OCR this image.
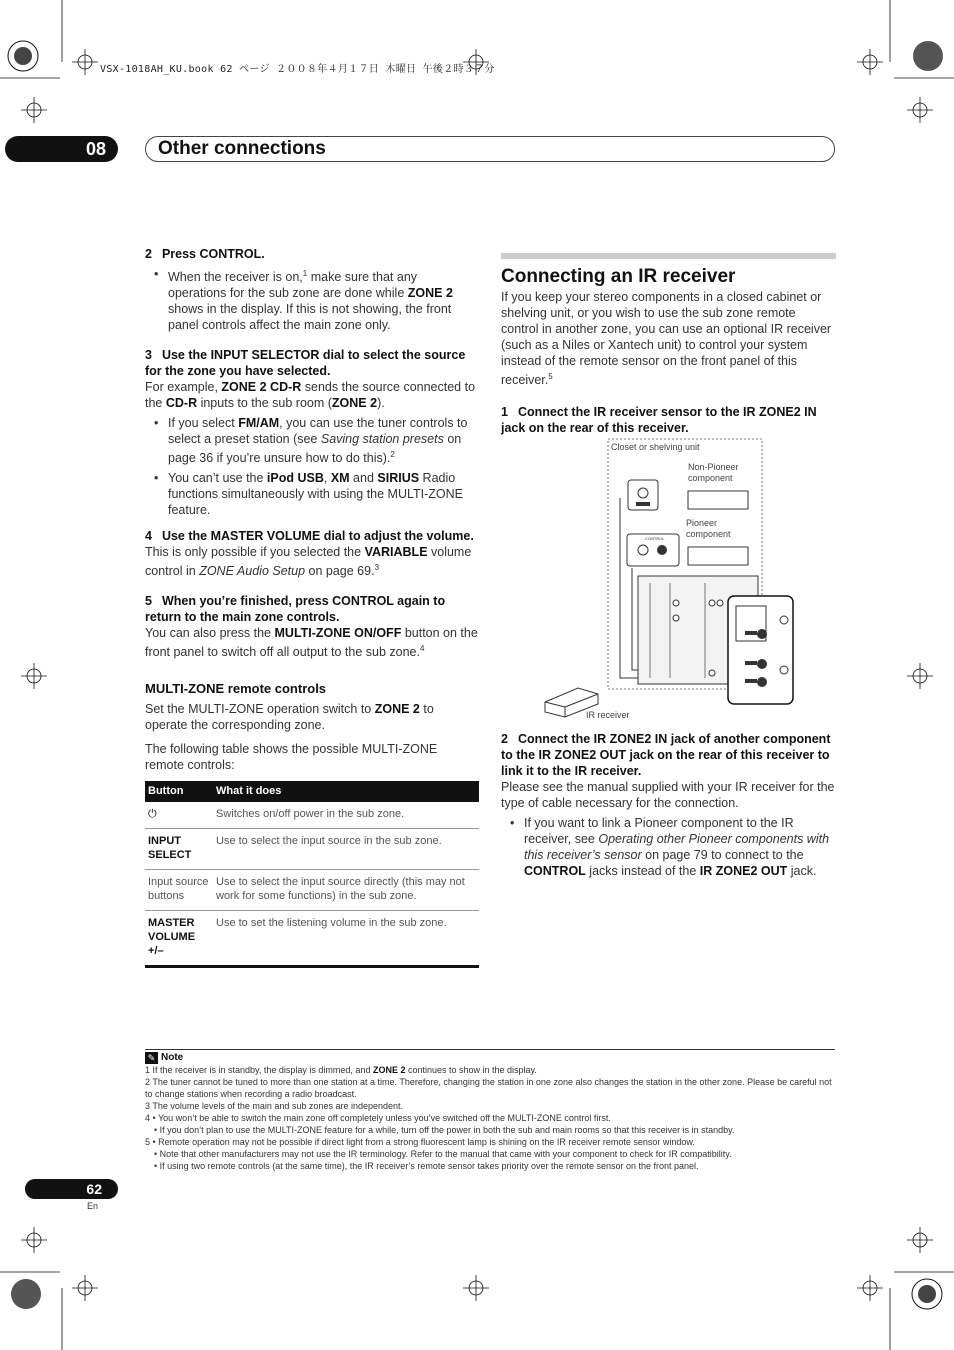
VSX-1018AH_KU.book 62 ページ ２００８年４月１７日 木曜日 午後２時３７分
08	Other connections

2 Press CONTROL.

• When the receiver is on,$^1$ make sure that any operations for the sub zone are done while ZONE 2 shows in the display. If this is not showing, the front panel controls affect the main zone only.

3 Use the INPUT SELECTOR dial to select the source for the zone you have selected.

For example, ZONE 2 CD-R sends the source connected to the CD-R inputs to the sub room (ZONE 2).

• If you select FM/AM, you can use the tuner controls to select a preset station (see Saving station presets on page 36 if you’re unsure how to do this).$^2$
• You can’t use the iPod USB, XM and SIRIUS Radio functions simultaneously with using the MULTI-ZONE feature.

4 Use the MASTER VOLUME dial to adjust the volume.

This is only possible if you selected the VARIABLE volume control in ZONE Audio Setup on page 69.$^3$

5 When you’re finished, press CONTROL again to return to the main zone controls.

You can also press the MULTI-ZONE ON/OFF button on the front panel to switch off all output to the sub zone.$^4$

MULTI-ZONE remote controls

Set the MULTI-ZONE operation switch to ZONE 2 to operate the corresponding zone.

The following table shows the possible MULTI-ZONE remote controls:

Button	What it does
⏻	Switches on/off power in the sub zone.
INPUT SELECT	Use to select the input source in the sub zone.
Input source buttons	Use to select the input source directly (this may not work for some functions) in the sub zone.
MASTER VOLUME +/–	Use to set the listening volume in the sub zone.
Connecting an IR receiver

If you keep your stereo components in a closed cabinet or shelving unit, or you wish to use the sub zone remote control in another zone, you can use an optional IR receiver (such as a Niles or Xantech unit) to control your system instead of the remote sensor on the front panel of this receiver.$^5$

1 Connect the IR receiver sensor to the IR ZONE2 IN jack on the rear of this receiver.

Closet or shelving unit
Non-Pioneer component
Pioneer component
CONTROL
IR receiver

2 Connect the IR ZONE2 IN jack of another component to the IR ZONE2 OUT jack on the rear of this receiver to link it to the IR receiver.

Please see the manual supplied with your IR receiver for the type of cable necessary for the connection.

• If you want to link a Pioneer component to the IR receiver, see Operating other Pioneer components with this receiver’s sensor on page 79 to connect to the CONTROL jacks instead of the IR ZONE2 OUT jack.
✎ Note

1 If the receiver is in standby, the display is dimmed, and ZONE 2 continues to show in the display.

2 The tuner cannot be tuned to more than one station at a time. Therefore, changing the station in one zone also changes the station in the other zone. Please be careful not to change stations when recording a radio broadcast.

3 The volume levels of the main and sub zones are independent.

4 • You won’t be able to switch the main zone off completely unless you’ve switched off the MULTI-ZONE control first.

• If you don’t plan to use the MULTI-ZONE feature for a while, turn off the power in both the sub and main rooms so that this receiver is in standby.

5 • Remote operation may not be possible if direct light from a strong fluorescent lamp is shining on the IR receiver remote sensor window.

• Note that other manufacturers may not use the IR terminology. Refer to the manual that came with your component to check for IR compatibility.

• If using two remote controls (at the same time), the IR receiver’s remote sensor takes priority over the remote sensor on the front panel.

62
En
